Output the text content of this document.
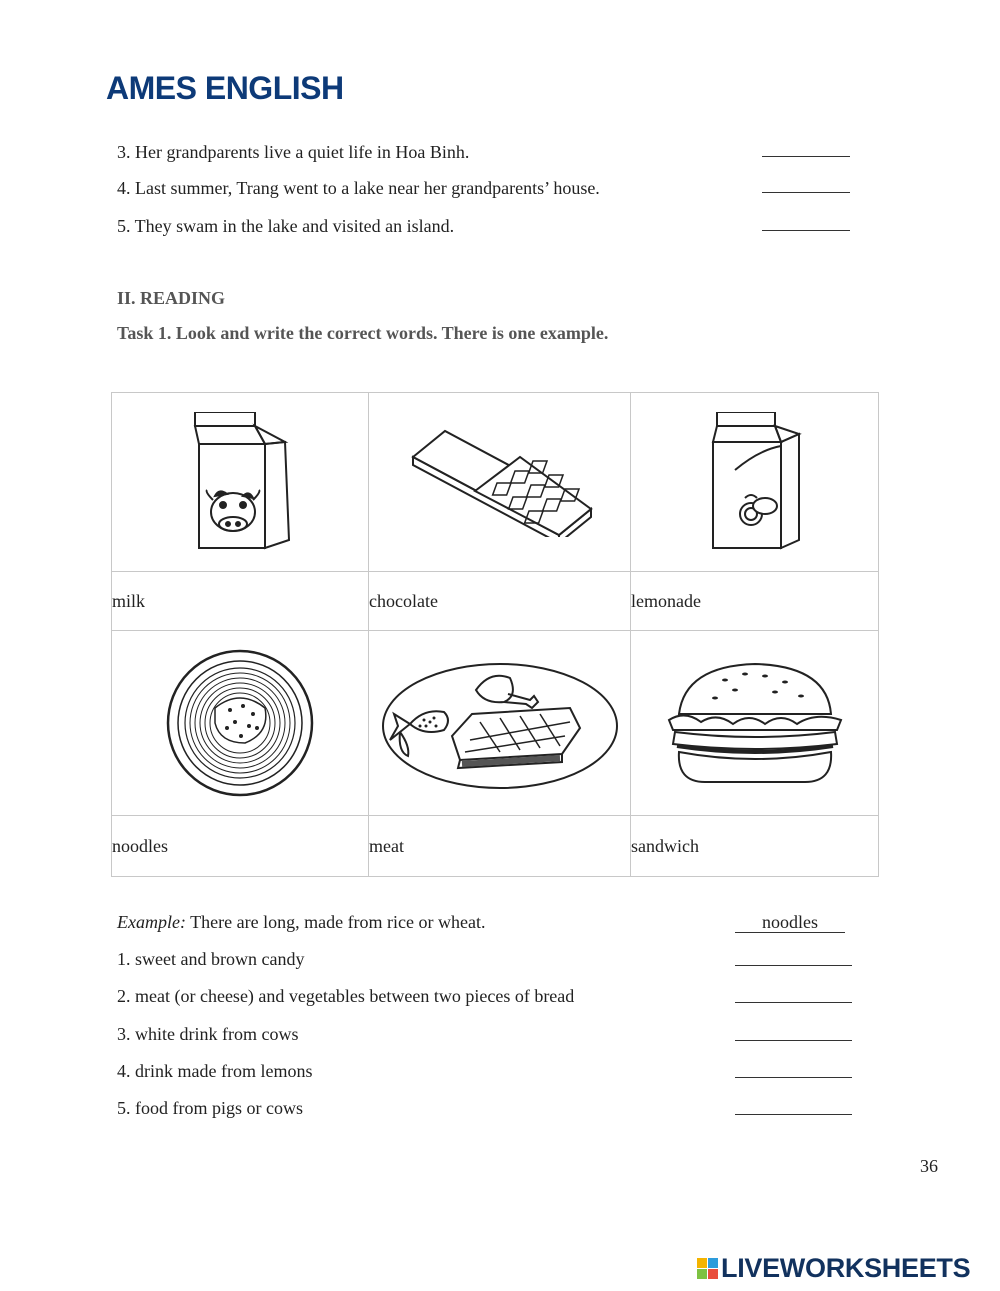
AMES ENGLISH
3. Her grandparents live a quiet life in Hoa Binh.
4. Last summer, Trang went to a lake near her grandparents’ house.
5. They swam in the lake and visited an island.
II. READING
Task 1. Look and write the correct words. There is one example.

milk	chocolate	lemonade

noodles	meat	sandwich
Example: There are long, made from rice or wheat.	noodles
1. sweet and brown candy
2. meat (or cheese) and vegetables between two pieces of bread
3. white drink from cows
4. drink made from lemons
5. food from pigs or cows
36
LIVEWORKSHEETS
